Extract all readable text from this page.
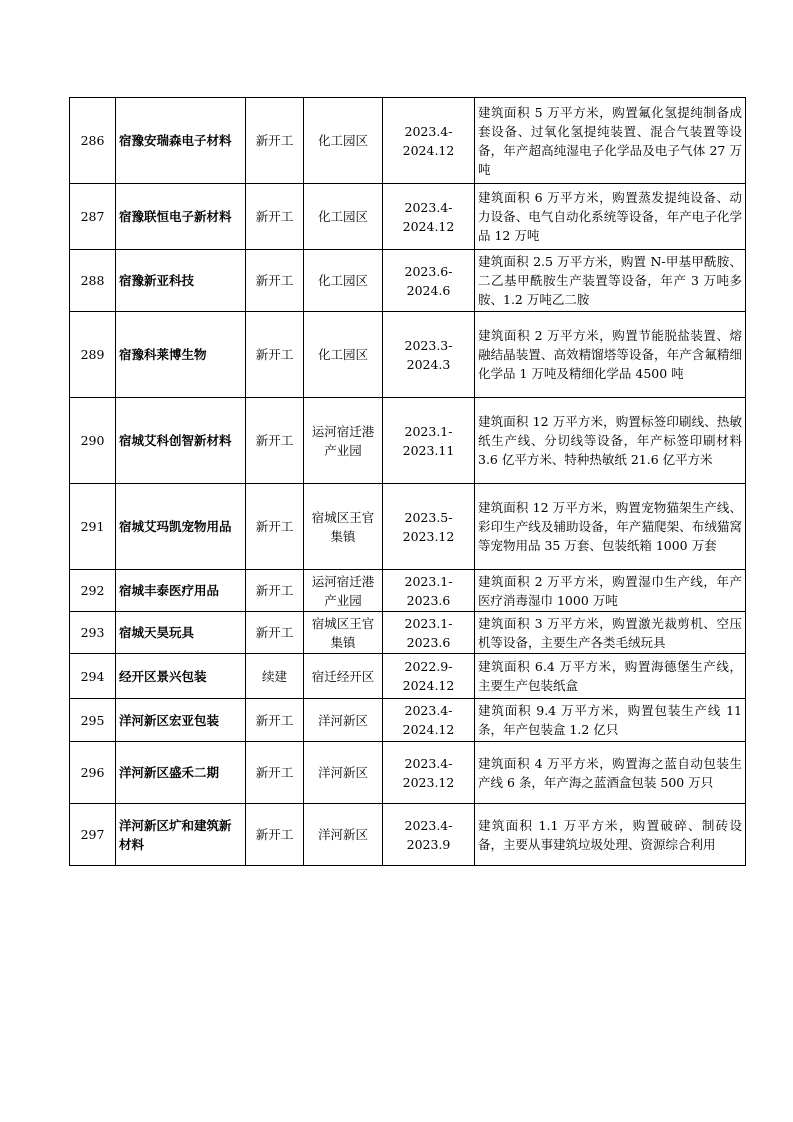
286	宿豫安瑞森电子材料	新开工	化工园区	2023.4-2024.12	建筑面积 5 万平方米，购置氟化氢提纯制备成套设备、过氧化氢提纯装置、混合气装置等设备，年产超高纯湿电子化学品及电子气体 27 万吨
287	宿豫联恒电子新材料	新开工	化工园区	2023.4-2024.12	建筑面积 6 万平方米，购置蒸发提纯设备、动力设备、电气自动化系统等设备，年产电子化学品 12 万吨
288	宿豫新亚科技	新开工	化工园区	2023.6-2024.6	建筑面积 2.5 万平方米，购置 N-甲基甲酰胺、二乙基甲酰胺生产装置等设备，年产 3 万吨多胺、1.2 万吨乙二胺
289	宿豫科莱博生物	新开工	化工园区	2023.3-2024.3	建筑面积 2 万平方米，购置节能脱盐装置、熔融结晶装置、高效精馏塔等设备，年产含氟精细化学品 1 万吨及精细化学品 4500 吨
290	宿城艾科创智新材料	新开工	运河宿迁港产业园	2023.1-2023.11	建筑面积 12 万平方米，购置标签印刷线、热敏纸生产线、分切线等设备，年产标签印刷材料 3.6 亿平方米、特种热敏纸 21.6 亿平方米
291	宿城艾玛凯宠物用品	新开工	宿城区王官集镇	2023.5-2023.12	建筑面积 12 万平方米，购置宠物猫架生产线、彩印生产线及辅助设备，年产猫爬架、布绒猫窝等宠物用品 35 万套、包装纸箱 1000 万套
292	宿城丰泰医疗用品	新开工	运河宿迁港产业园	2023.1-2023.6	建筑面积 2 万平方米，购置湿巾生产线，年产医疗消毒湿巾 1000 万吨
293	宿城天昊玩具	新开工	宿城区王官集镇	2023.1-2023.6	建筑面积 3 万平方米，购置激光裁剪机、空压机等设备，主要生产各类毛绒玩具
294	经开区景兴包装	续建	宿迁经开区	2022.9-2024.12	建筑面积 6.4 万平方米，购置海德堡生产线，主要生产包装纸盒
295	洋河新区宏亚包装	新开工	洋河新区	2023.4-2024.12	建筑面积 9.4 万平方米，购置包装生产线 11 条，年产包装盒 1.2 亿只
296	洋河新区盛禾二期	新开工	洋河新区	2023.4-2023.12	建筑面积 4 万平方米，购置海之蓝自动包装生产线 6 条，年产海之蓝酒盒包装 500 万只
297	洋河新区圹和建筑新材料	新开工	洋河新区	2023.4-2023.9	建筑面积 1.1 万平方米，购置破碎、制砖设备，主要从事建筑垃圾处理、资源综合利用
